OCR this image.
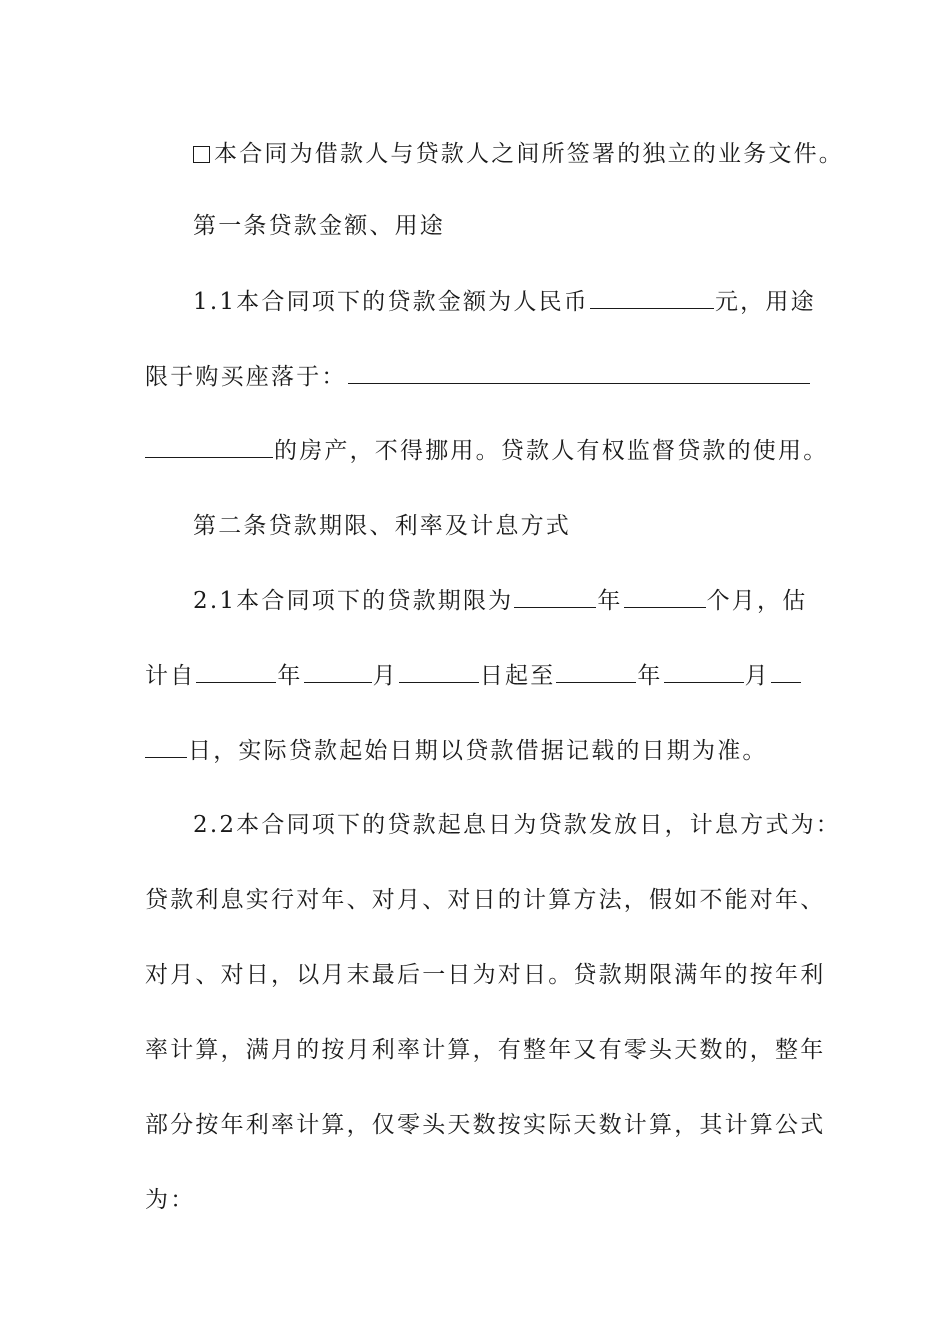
本合同为借款人与贷款人之间所签署的独立的业务文件。
第一条贷款金额、用途
1.1本合同项下的贷款金额为人民币	元，用途
限于购买座落于：
的房产，不得挪用。贷款人有权监督贷款的使用。
第二条贷款期限、利率及计息方式
2.1本合同项下的贷款期限为	年	个月，估
计自	年	月	日起至	年	月
日，实际贷款起始日期以贷款借据记载的日期为准。
2.2本合同项下的贷款起息日为贷款发放日，计息方式为：
贷款利息实行对年、对月、对日的计算方法，假如不能对年、
对月、对日，以月末最后一日为对日。贷款期限满年的按年利
率计算，满月的按月利率计算，有整年又有零头天数的，整年
部分按年利率计算，仅零头天数按实际天数计算，其计算公式
为：
